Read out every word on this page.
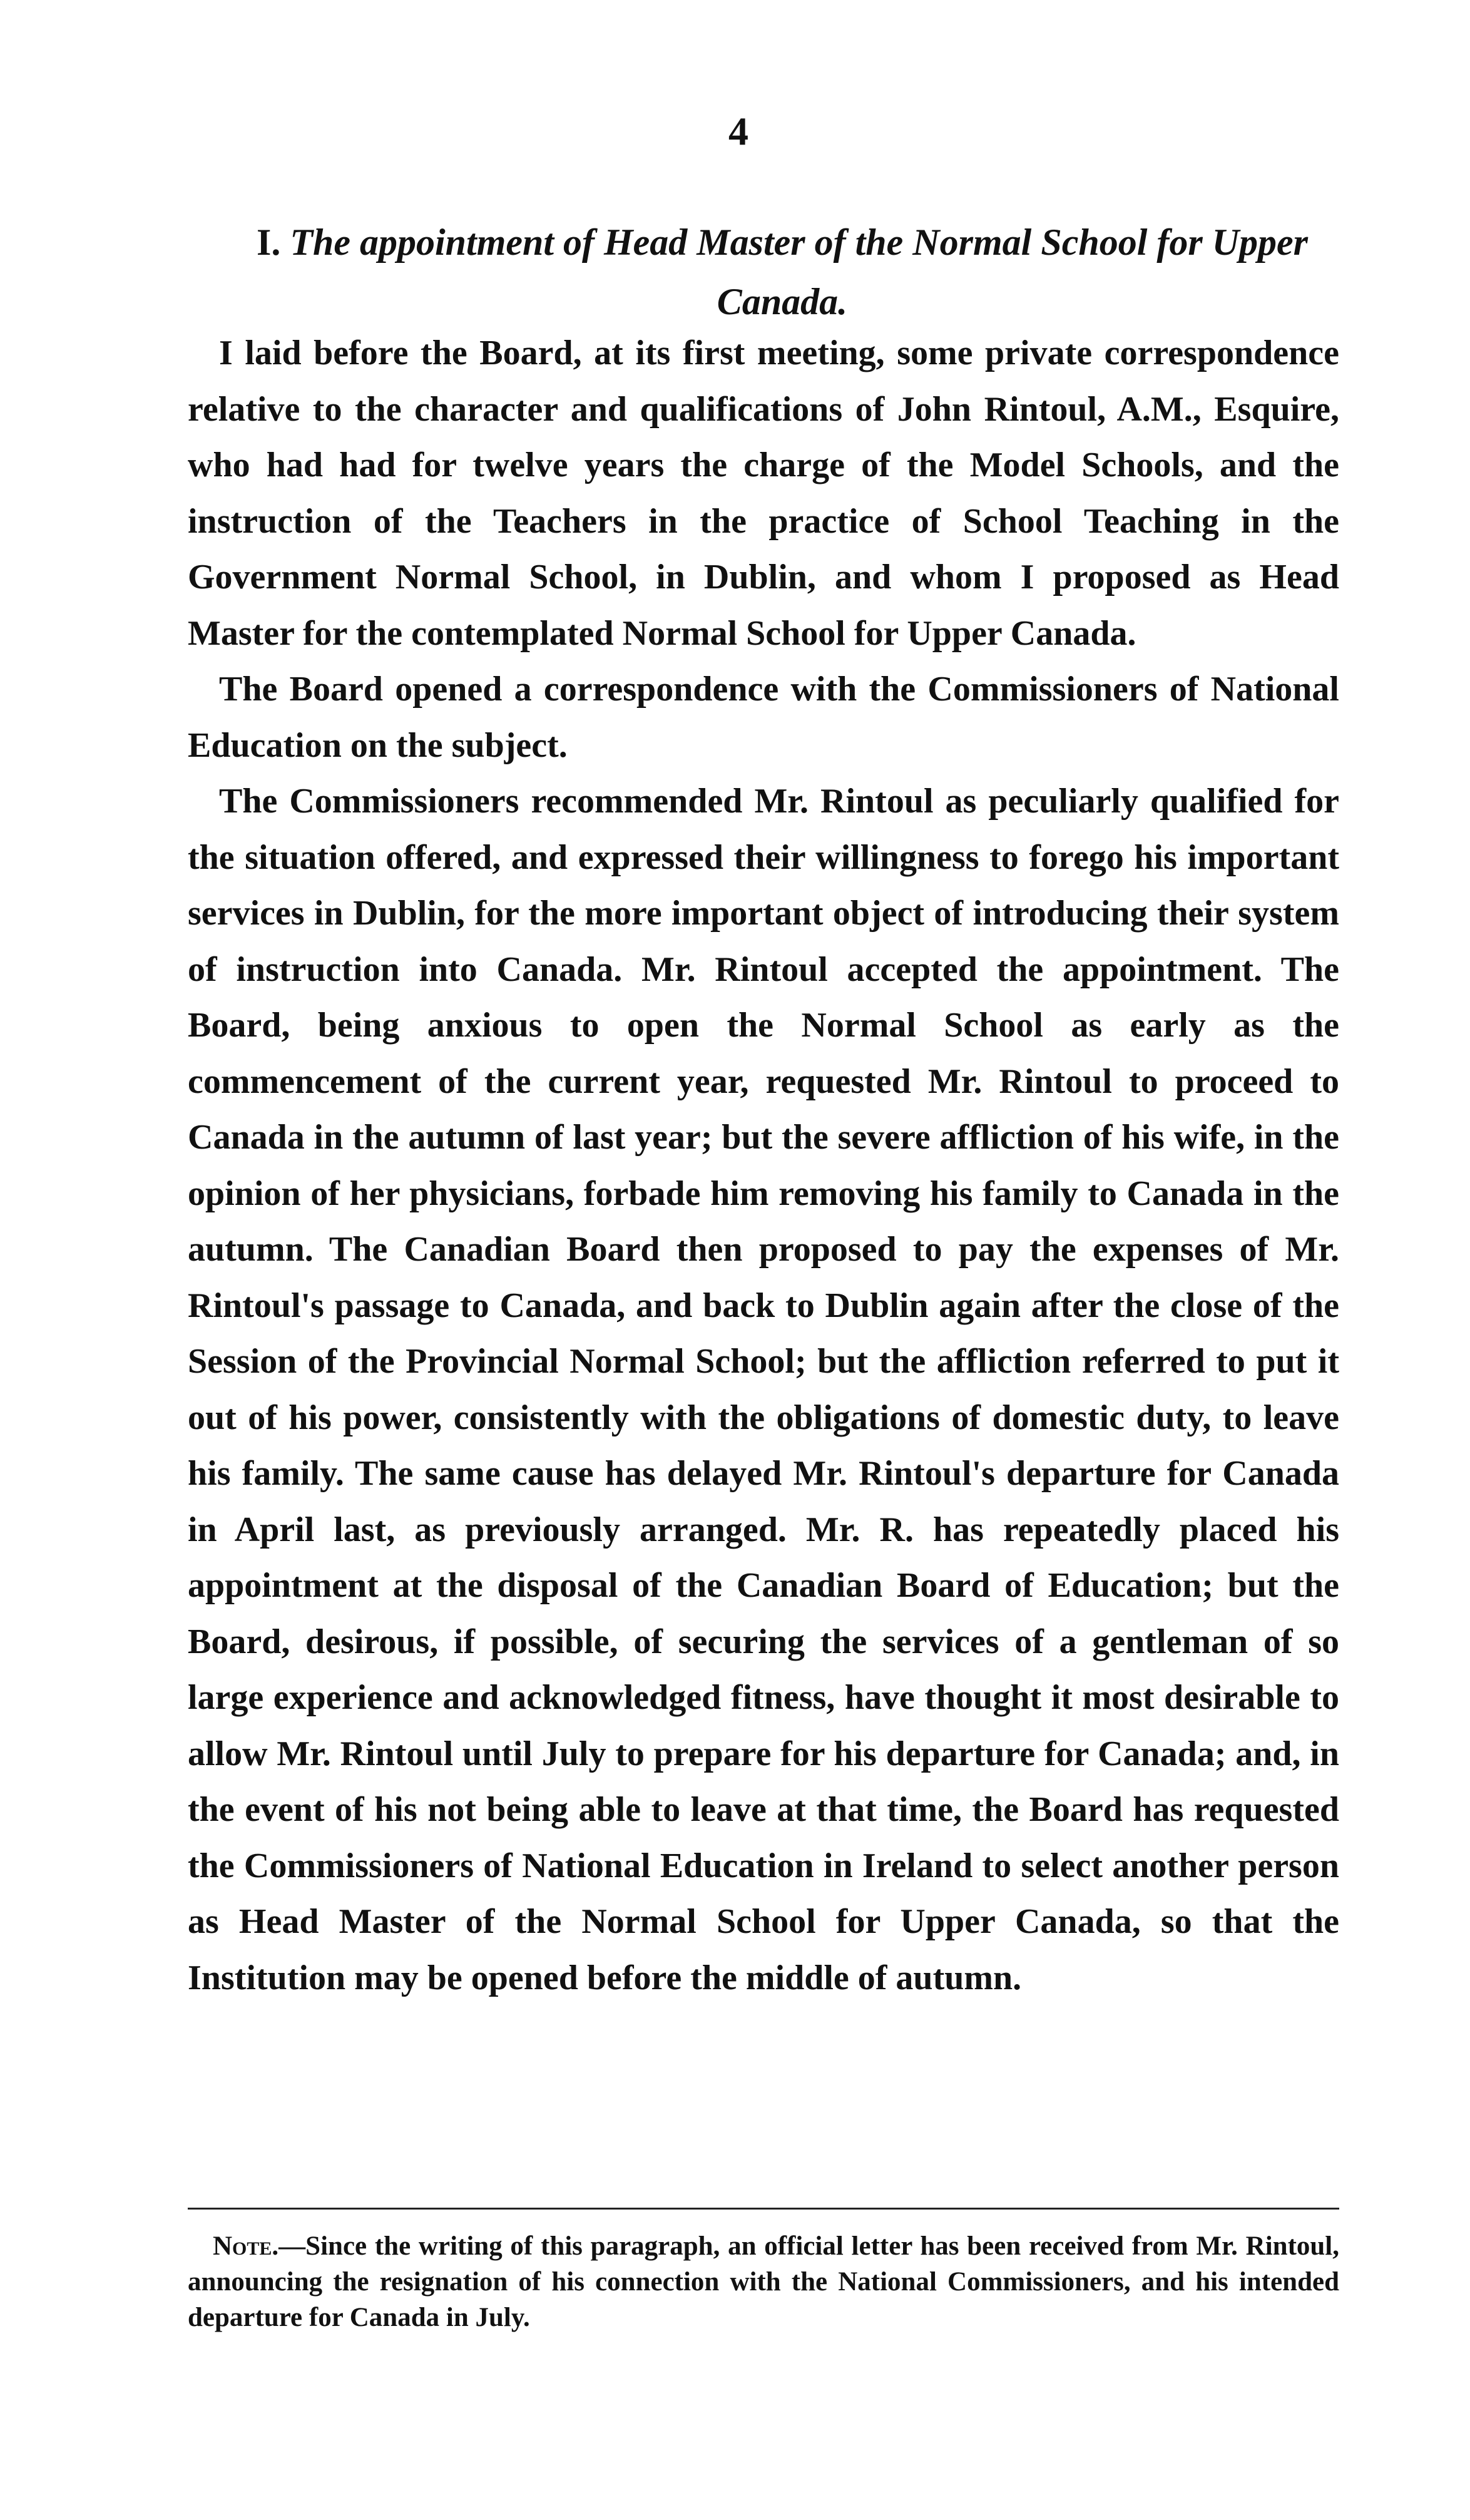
4
I. The appointment of Head Master of the Normal School for Upper Canada.

I laid before the Board, at its first meeting, some private correspondence relative to the character and qualifications of John Rintoul, A.M., Esquire, who had had for twelve years the charge of the Model Schools, and the instruction of the Teachers in the practice of School Teaching in the Government Normal School, in Dublin, and whom I proposed as Head Master for the contemplated Normal School for Upper Canada.

The Board opened a correspondence with the Commissioners of National Education on the subject.

The Commissioners recommended Mr. Rintoul as peculiarly qualified for the situation offered, and expressed their willingness to forego his important services in Dublin, for the more important object of introducing their system of instruction into Canada. Mr. Rintoul accepted the appointment. The Board, being anxious to open the Normal School as early as the commencement of the current year, requested Mr. Rintoul to proceed to Canada in the autumn of last year; but the severe affliction of his wife, in the opinion of her physicians, forbade him removing his family to Canada in the autumn. The Canadian Board then proposed to pay the expenses of Mr. Rintoul's passage to Canada, and back to Dublin again after the close of the Session of the Provincial Normal School; but the affliction referred to put it out of his power, consistently with the obligations of domestic duty, to leave his family. The same cause has delayed Mr. Rintoul's departure for Canada in April last, as previously arranged. Mr. R. has repeatedly placed his appointment at the disposal of the Canadian Board of Education; but the Board, desirous, if possible, of securing the services of a gentleman of so large experience and acknowledged fitness, have thought it most desirable to allow Mr. Rintoul until July to prepare for his departure for Canada; and, in the event of his not being able to leave at that time, the Board has requested the Commissioners of National Education in Ireland to select another person as Head Master of the Normal School for Upper Canada, so that the Institution may be opened before the middle of autumn.

Note.—Since the writing of this paragraph, an official letter has been received from Mr. Rintoul, announcing the resignation of his connection with the National Commissioners, and his intended departure for Canada in July.
